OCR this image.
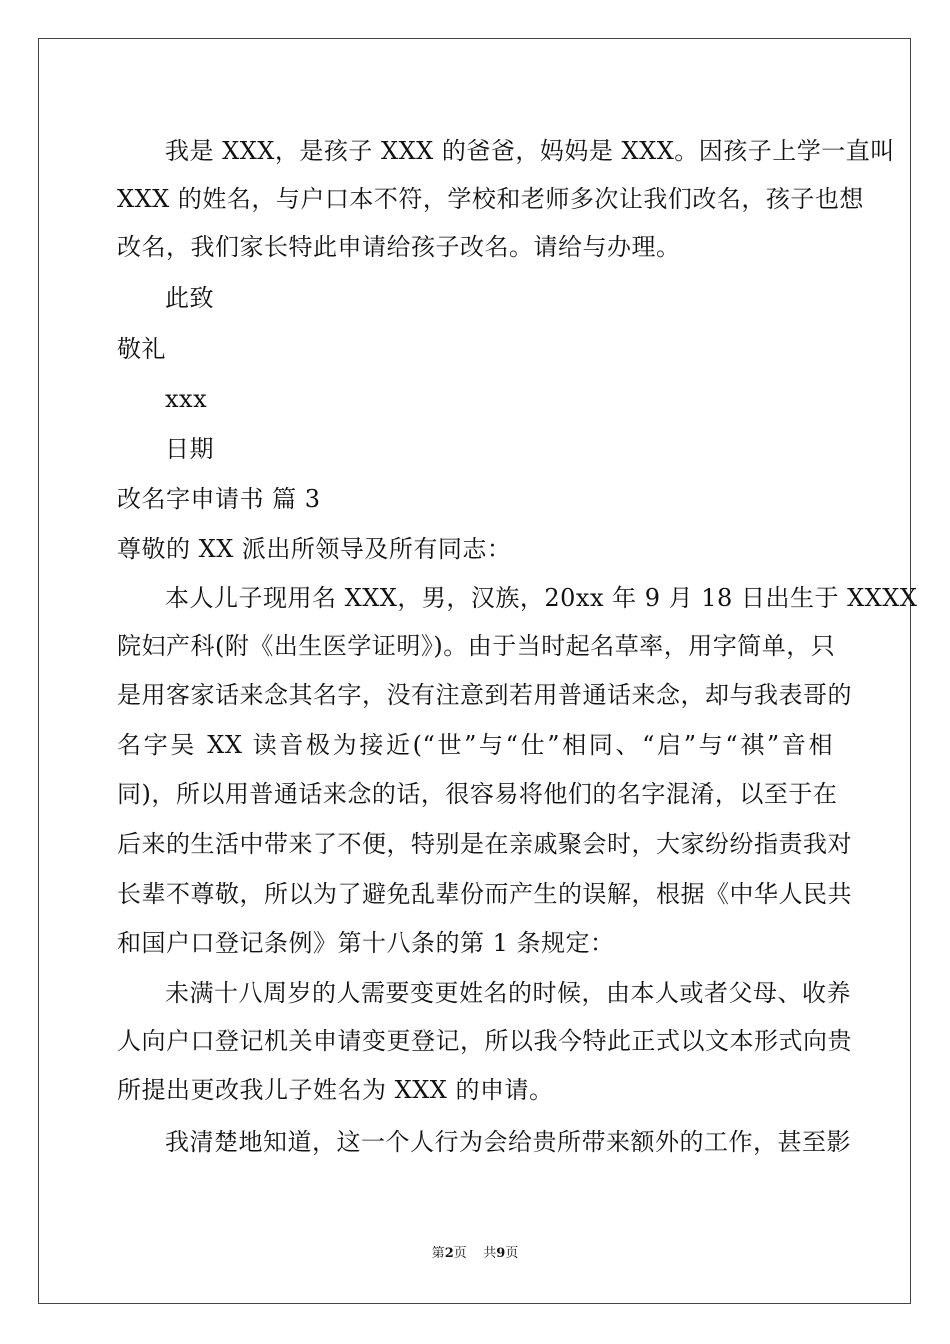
我是 XXX，是孩子 XXX 的爸爸，妈妈是 XXX。因孩子上学一直叫
XXX 的姓名，与户口本不符，学校和老师多次让我们改名，孩子也想
改名，我们家长特此申请给孩子改名。请给与办理。
此致
敬礼
xxx
日期
改名字申请书 篇 3
尊敬的 XX 派出所领导及所有同志：
本人儿子现用名 XXX，男，汉族，20xx 年 9 月 18 日出生于 XXXX
院妇产科(附《出生医学证明》)。由于当时起名草率，用字简单，只
是用客家话来念其名字，没有注意到若用普通话来念，却与我表哥的
名字吴 XX 读音极为接近(“世”与“仕”相同、“启”与“祺”音相
同)，所以用普通话来念的话，很容易将他们的名字混淆，以至于在
后来的生活中带来了不便，特别是在亲戚聚会时，大家纷纷指责我对
长辈不尊敬，所以为了避免乱辈份而产生的误解，根据《中华人民共
和国户口登记条例》第十八条的第 1 条规定：
未满十八周岁的人需要变更姓名的时候，由本人或者父母、收养
人向户口登记机关申请变更登记，所以我今特此正式以文本形式向贵
所提出更改我儿子姓名为 XXX 的申请。
我清楚地知道，这一个人行为会给贵所带来额外的工作，甚至影
第2页    共9页
